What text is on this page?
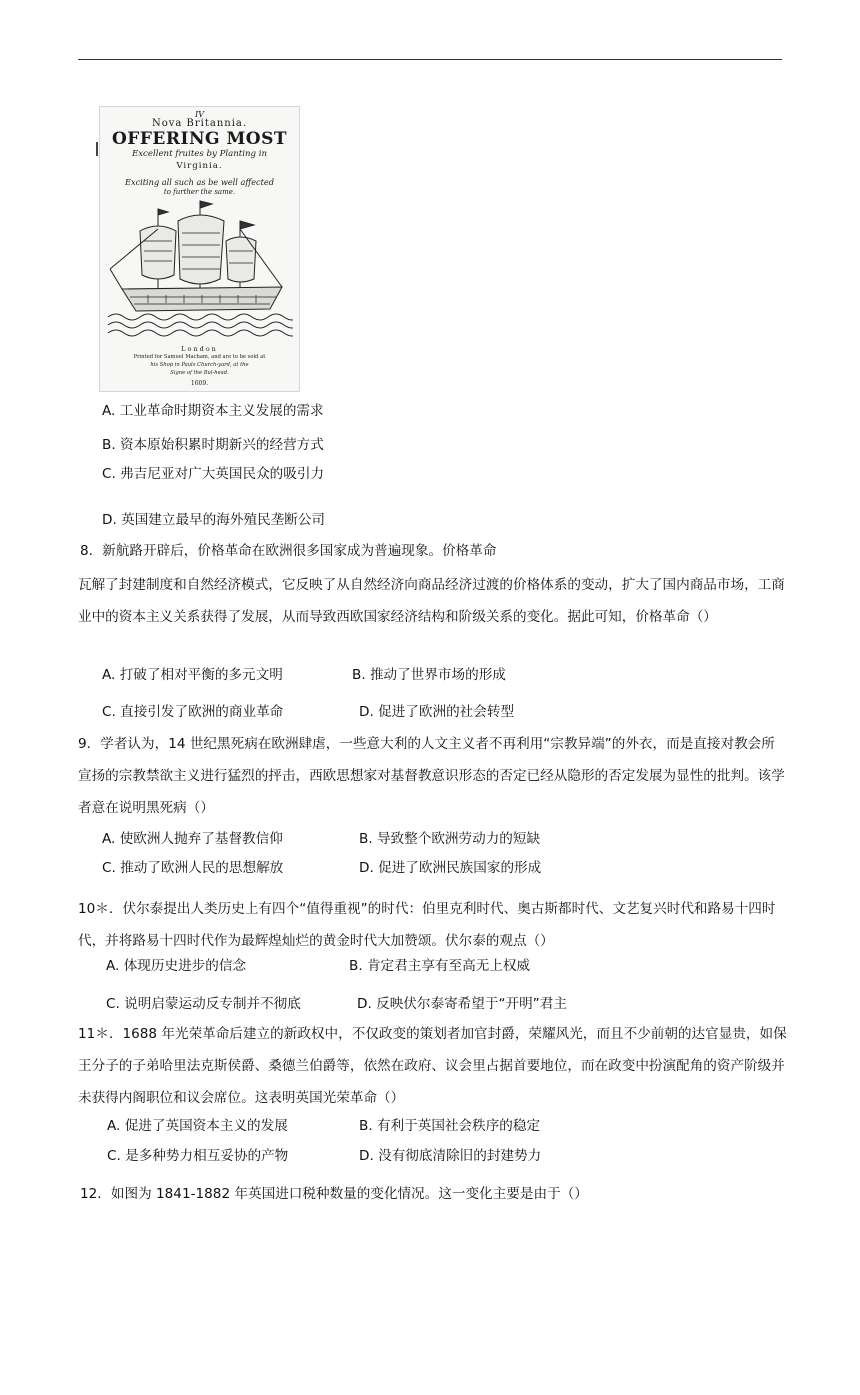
IV
Nova Britannia.
OFFERING MOST
Excellent fruites by Planting in
Virginia.
Exciting all such as be well affected
to further the same.
London
Printed for Samuel Macham, and are to be sold at
his Shop in Pauls Church-yard, at the
Signe of the Bul-head.
1609.

A. 工业革命时期资本主义发展的需求

B. 资本原始积累时期新兴的经营方式

C. 弗吉尼亚对广大英国民众的吸引力

D. 英国建立最早的海外殖民垄断公司

8．新航路开辟后，价格革命在欧洲很多国家成为普遍现象。价格革命

瓦解了封建制度和自然经济模式，它反映了从自然经济向商品经济过渡的价格体系的变动，扩大了国内商品市场，工商业中的资本主义关系获得了发展，从而导致西欧国家经济结构和阶级关系的变化。据此可知，价格革命（）

A. 打破了相对平衡的多元文明	B. 推动了世界市场的形成

C. 直接引发了欧洲的商业革命	D. 促进了欧洲的社会转型

9．学者认为，14 世纪黑死病在欧洲肆虐，一些意大利的人文主义者不再利用“宗教异端”的外衣，而是直接对教会所宣扬的宗教禁欲主义进行猛烈的抨击，西欧思想家对基督教意识形态的否定已经从隐形的否定发展为显性的批判。该学者意在说明黑死病（）

A. 使欧洲人抛弃了基督教信仰	B. 导致整个欧洲劳动力的短缺

C. 推动了欧洲人民的思想解放	D. 促进了欧洲民族国家的形成

10＊．伏尔泰提出人类历史上有四个“值得重视”的时代：伯里克利时代、奥古斯都时代、文艺复兴时代和路易十四时代，并将路易十四时代作为最辉煌灿烂的黄金时代大加赞颂。伏尔泰的观点（）

A. 体现历史进步的信念	B. 肯定君主享有至高无上权威

C. 说明启蒙运动反专制并不彻底	D. 反映伏尔泰寄希望于“开明”君主

11＊．1688 年光荣革命后建立的新政权中，不仅政变的策划者加官封爵，荣耀风光，而且不少前朝的达官显贵，如保王分子的子弟哈里法克斯侯爵、桑德兰伯爵等，依然在政府、议会里占据首要地位，而在政变中扮演配角的资产阶级并未获得内阁职位和议会席位。这表明英国光荣革命（）

A. 促进了英国资本主义的发展	B. 有利于英国社会秩序的稳定

C. 是多种势力相互妥协的产物	D. 没有彻底清除旧的封建势力

12．如图为 1841-1882 年英国进口税种数量的变化情况。这一变化主要是由于（）
